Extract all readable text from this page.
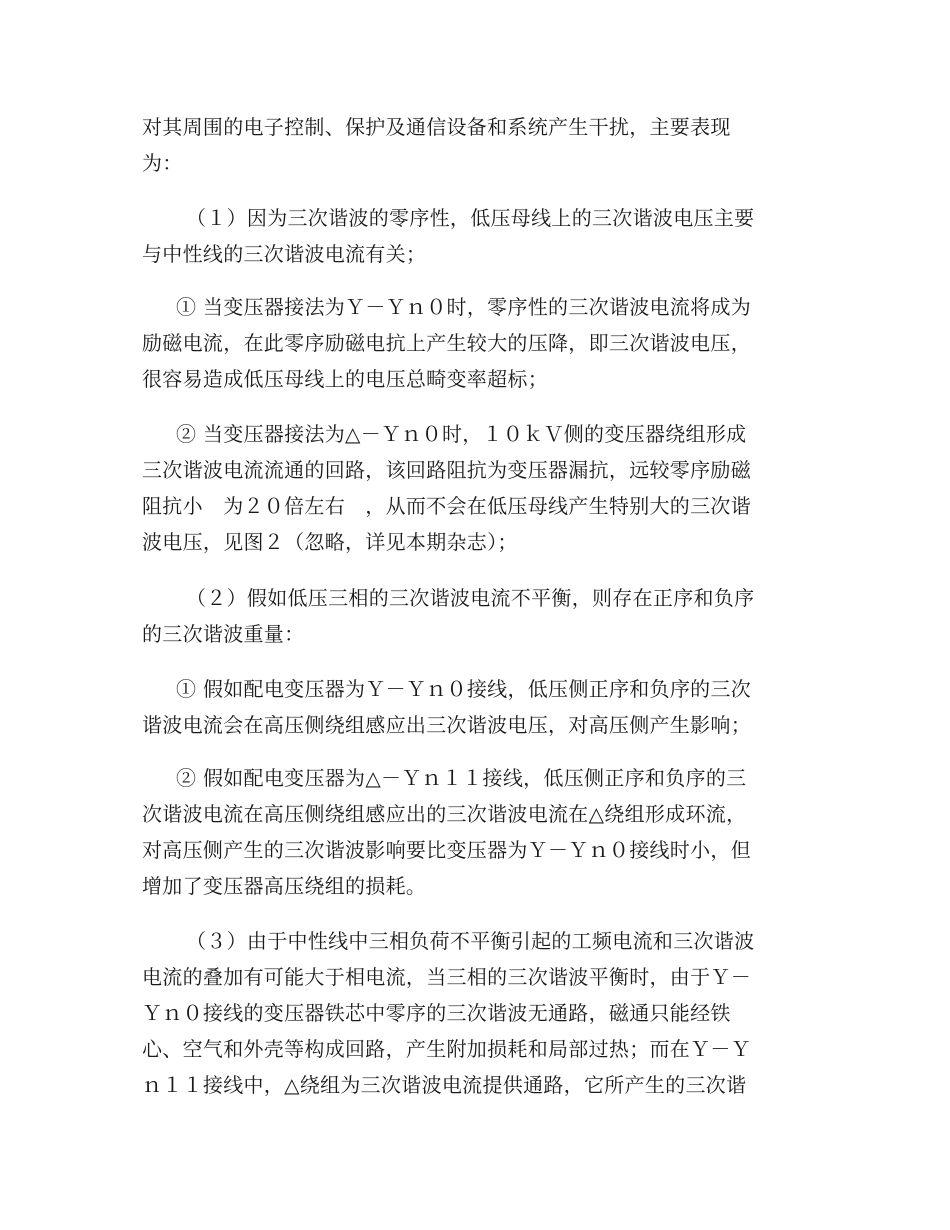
对其周围的电子控制、保护及通信设备和系统产生干扰，主要表现
为：
（１）因为三次谐波的零序性，低压母线上的三次谐波电压主要
与中性线的三次谐波电流有关；
① 当变压器接法为Ｙ－Ｙｎ０时，零序性的三次谐波电流将成为
励磁电流，在此零序励磁电抗上产生较大的压降，即三次谐波电压，
很容易造成低压母线上的电压总畸变率超标；
② 当变压器接法为△－Ｙｎ０时，１０ｋＶ侧的变压器绕组形成
三次谐波电流流通的回路，该回路阻抗为变压器漏抗，远较零序励磁
阻抗小　为２０倍左右　，从而不会在低压母线产生特别大的三次谐
波电压，见图２（忽略，详见本期杂志）；
（２）假如低压三相的三次谐波电流不平衡，则存在正序和负序
的三次谐波重量：
① 假如配电变压器为Ｙ－Ｙｎ０接线，低压侧正序和负序的三次
谐波电流会在高压侧绕组感应出三次谐波电压，对高压侧产生影响；
② 假如配电变压器为△－Ｙｎ１１接线，低压侧正序和负序的三
次谐波电流在高压侧绕组感应出的三次谐波电流在△绕组形成环流，
对高压侧产生的三次谐波影响要比变压器为Ｙ－Ｙｎ０接线时小，但
增加了变压器高压绕组的损耗。
（３）由于中性线中三相负荷不平衡引起的工频电流和三次谐波
电流的叠加有可能大于相电流，当三相的三次谐波平衡时，由于Ｙ－
Ｙｎ０接线的变压器铁芯中零序的三次谐波无通路，磁通只能经铁
心、空气和外壳等构成回路，产生附加损耗和局部过热；而在Ｙ－Ｙ
ｎ１１接线中，△绕组为三次谐波电流提供通路，它所产生的三次谐
